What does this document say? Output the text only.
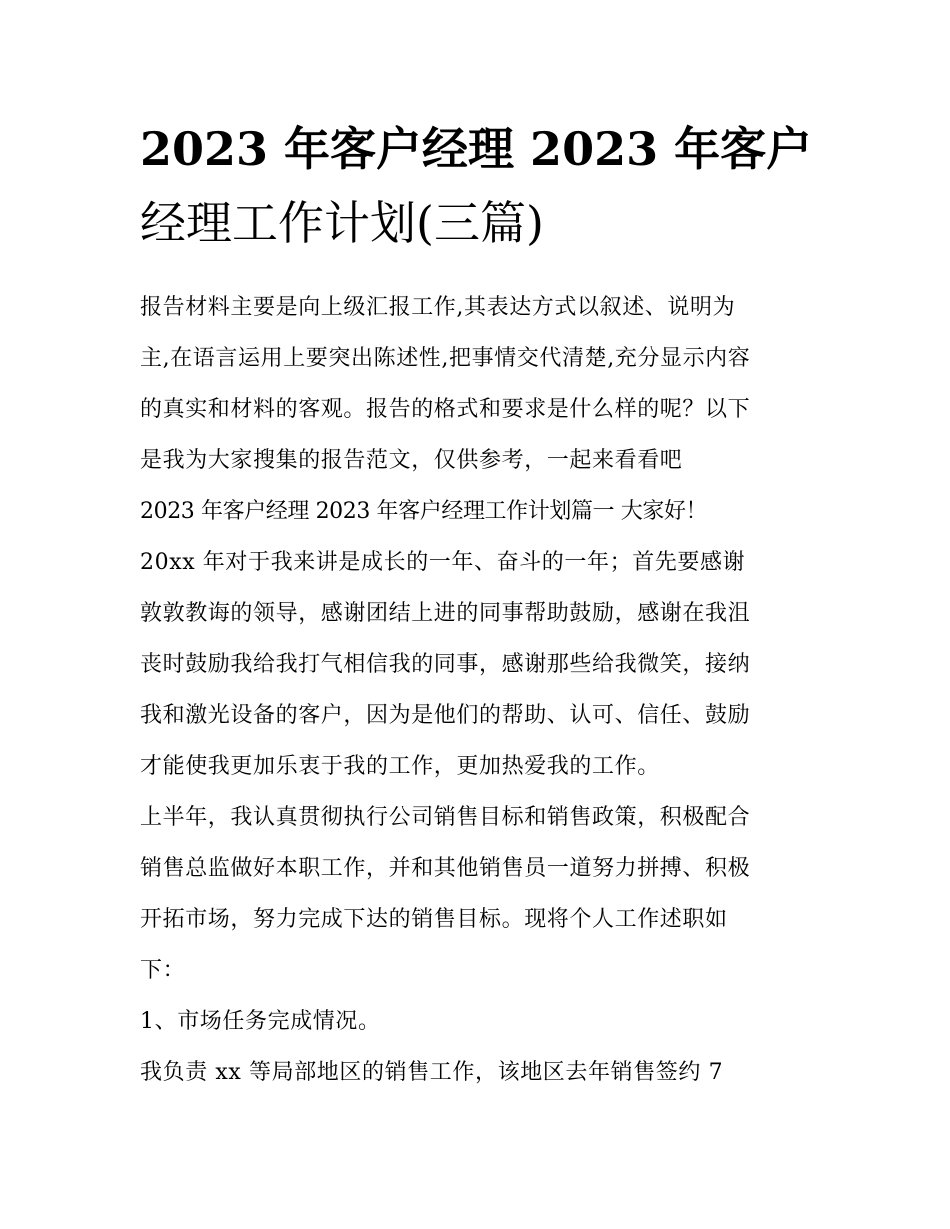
2023 年客户经理 2023 年客户
经理工作计划(三篇)
报告材料主要是向上级汇报工作,其表达方式以叙述、说明为
主,在语言运用上要突出陈述性,把事情交代清楚,充分显示内容
的真实和材料的客观。报告的格式和要求是什么样的呢？以下
是我为大家搜集的报告范文，仅供参考，一起来看看吧
2023 年客户经理 2023 年客户经理工作计划篇一 大家好！
20xx 年对于我来讲是成长的一年、奋斗的一年；首先要感谢
敦敦教诲的领导，感谢团结上进的同事帮助鼓励，感谢在我沮
丧时鼓励我给我打气相信我的同事，感谢那些给我微笑，接纳
我和激光设备的客户，因为是他们的帮助、认可、信任、鼓励
才能使我更加乐衷于我的工作，更加热爱我的工作。
上半年，我认真贯彻执行公司销售目标和销售政策，积极配合
销售总监做好本职工作，并和其他销售员一道努力拼搏、积极
开拓市场，努力完成下达的销售目标。现将个人工作述职如
下：
1、市场任务完成情况。
我负责 xx 等局部地区的销售工作，该地区去年销售签约 7
